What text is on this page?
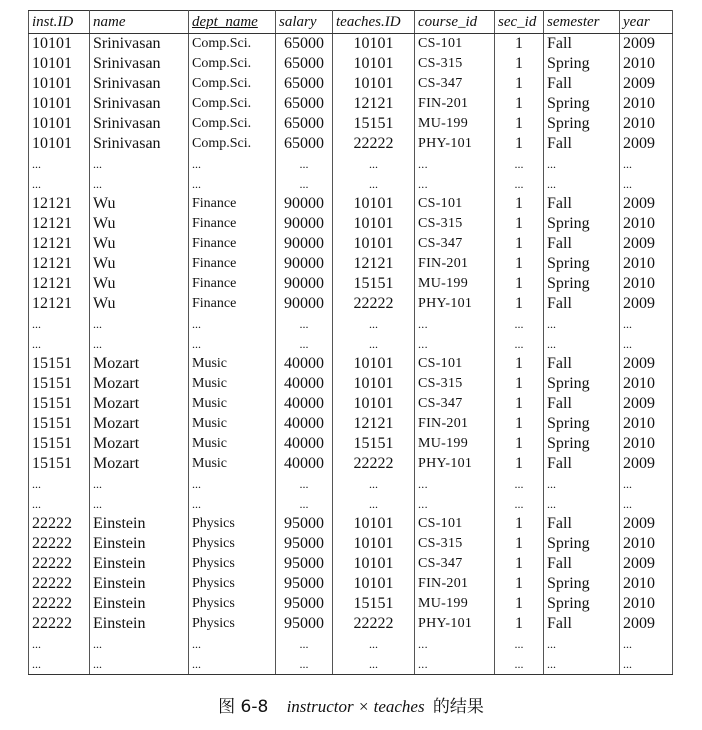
inst.ID	name	dept_name	salary	teaches.ID	course_id	sec_id	semester	year
10101	Srinivasan	Comp.Sci.	65000	10101	CS-101	1	Fall	2009
10101	Srinivasan	Comp.Sci.	65000	10101	CS-315	1	Spring	2010
10101	Srinivasan	Comp.Sci.	65000	10101	CS-347	1	Fall	2009
10101	Srinivasan	Comp.Sci.	65000	12121	FIN-201	1	Spring	2010
10101	Srinivasan	Comp.Sci.	65000	15151	MU-199	1	Spring	2010
10101	Srinivasan	Comp.Sci.	65000	22222	PHY-101	1	Fall	2009
...	...	...	...	...	...	...	...	...
...	...	...	...	...	...	...	...	...
12121	Wu	Finance	90000	10101	CS-101	1	Fall	2009
12121	Wu	Finance	90000	10101	CS-315	1	Spring	2010
12121	Wu	Finance	90000	10101	CS-347	1	Fall	2009
12121	Wu	Finance	90000	12121	FIN-201	1	Spring	2010
12121	Wu	Finance	90000	15151	MU-199	1	Spring	2010
12121	Wu	Finance	90000	22222	PHY-101	1	Fall	2009
...	...	...	...	...	...	...	...	...
...	...	...	...	...	...	...	...	...
15151	Mozart	Music	40000	10101	CS-101	1	Fall	2009
15151	Mozart	Music	40000	10101	CS-315	1	Spring	2010
15151	Mozart	Music	40000	10101	CS-347	1	Fall	2009
15151	Mozart	Music	40000	12121	FIN-201	1	Spring	2010
15151	Mozart	Music	40000	15151	MU-199	1	Spring	2010
15151	Mozart	Music	40000	22222	PHY-101	1	Fall	2009
...	...	...	...	...	...	...	...	...
...	...	...	...	...	...	...	...	...
22222	Einstein	Physics	95000	10101	CS-101	1	Fall	2009
22222	Einstein	Physics	95000	10101	CS-315	1	Spring	2010
22222	Einstein	Physics	95000	10101	CS-347	1	Fall	2009
22222	Einstein	Physics	95000	10101	FIN-201	1	Spring	2010
22222	Einstein	Physics	95000	15151	MU-199	1	Spring	2010
22222	Einstein	Physics	95000	22222	PHY-101	1	Fall	2009
...	...	...	...	...	...	...	...	...
...	...	...	...	...	...	...	...	...
图 6-8 instructor × teaches 的结果
